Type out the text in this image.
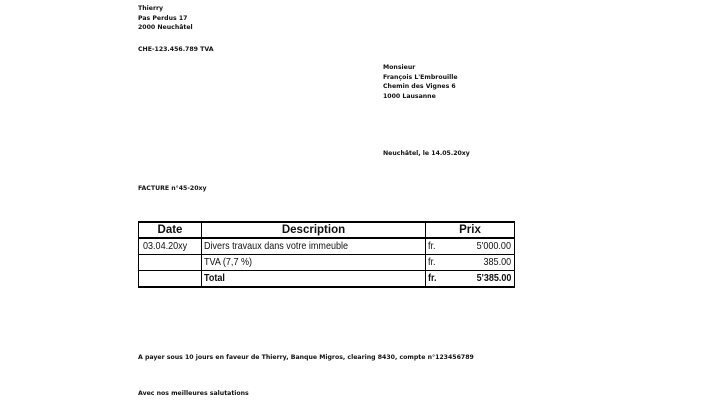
Thierry
Pas Perdus 17
2000 Neuchâtel
CHE-123.456.789 TVA
Monsieur
François L'Embrouille
Chemin des Vignes 6
1000 Lausanne
Neuchâtel, le 14.05.20xy
FACTURE n°45-20xy
Date	Description	Prix	
03.04.20xy	Divers travaux dans votre immeuble	fr.	5'000.00
	TVA (7,7 %)	fr.	385.00
	Total	fr.	5'385.00
A payer sous 10 jours en faveur de Thierry, Banque Migros, clearing 8430, compte n°123456789
Avec nos meilleures salutations
